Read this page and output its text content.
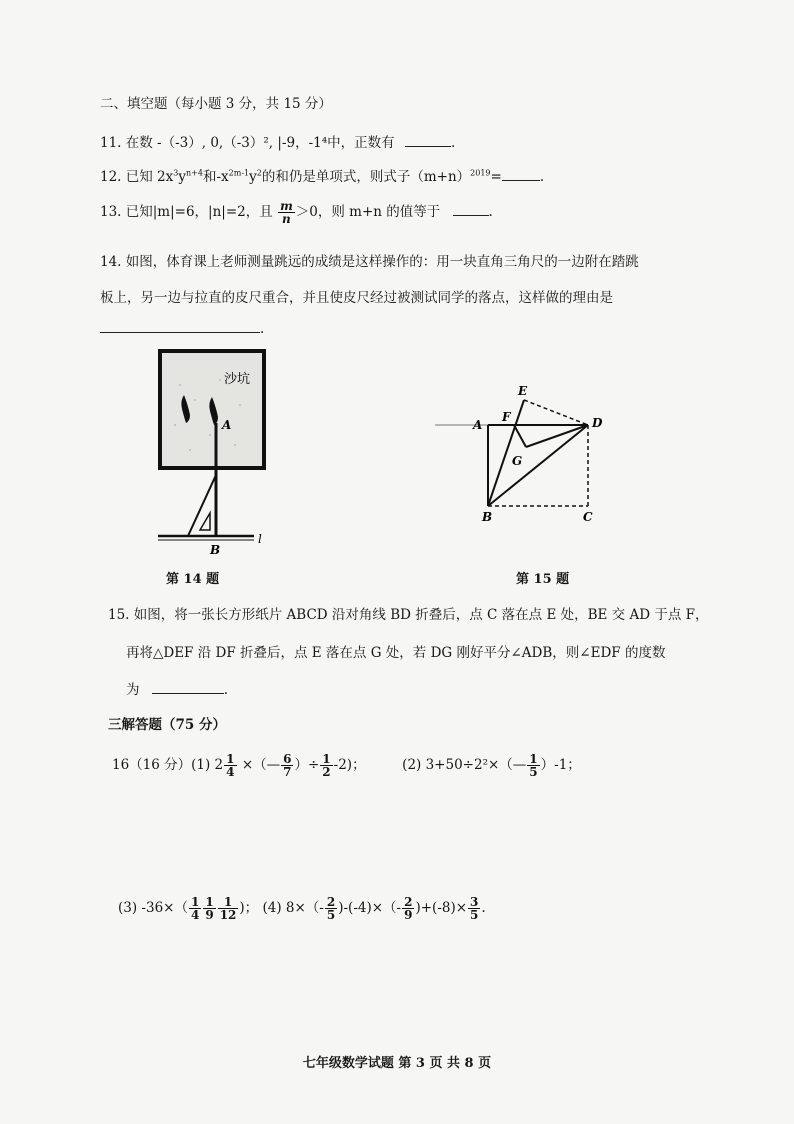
二、填空题（每小题 3 分，共 15 分）
11. 在数 -（-3）, 0,（-3）², |-9，-1⁴中，正数有	.
12. 已知 $2x^3y^{n+4}$和$-x^{2m-1}y^2$的和仍是单项式，则式子$(m+n)^{2019}=$	.
13. 已知|m|=6，|n|=2，且 $\frac{m}{n} >0$，则 m+n 的值等于	.
14. 如图，体育课上老师测量跳远的成绩是这样操作的：用一块直角三角尺的一边附在踏跳
板上，另一边与拉直的皮尺重合，并且使皮尺经过被测试同学的落点，这样做的理由是
.
沙坑
A
B
l
第 14 题
E
F
A	D
G
B	C
第 15 题
15. 如图，将一张长方形纸片 ABCD 沿对角线 BD 折叠后，点 C 落在点 E 处，BE 交 AD 于点 F，
再将△DEF 沿 DF 折叠后，点 E 落在点 G 处，若 DG 刚好平分∠ADB，则∠EDF 的度数
为	.
三解答题（75 分）
16（16 分）(1) $2 \frac{1}{4}$ ×（— $\frac{6}{7}$ ）÷ $\frac{1}{2} -2$)；	(2) 3+50÷2²×（— $\frac{1}{5} )-1$；
(3) $-36\times( \frac{1}{4} \frac{1}{9} \frac{1}{12}$ )； (4) $8\times(- \frac{2}{5} )-(-4)\times(- \frac{2}{9} )+(-8)\times \frac{3}{5}$ .
七年级数学试题 第 3 页 共 8 页
